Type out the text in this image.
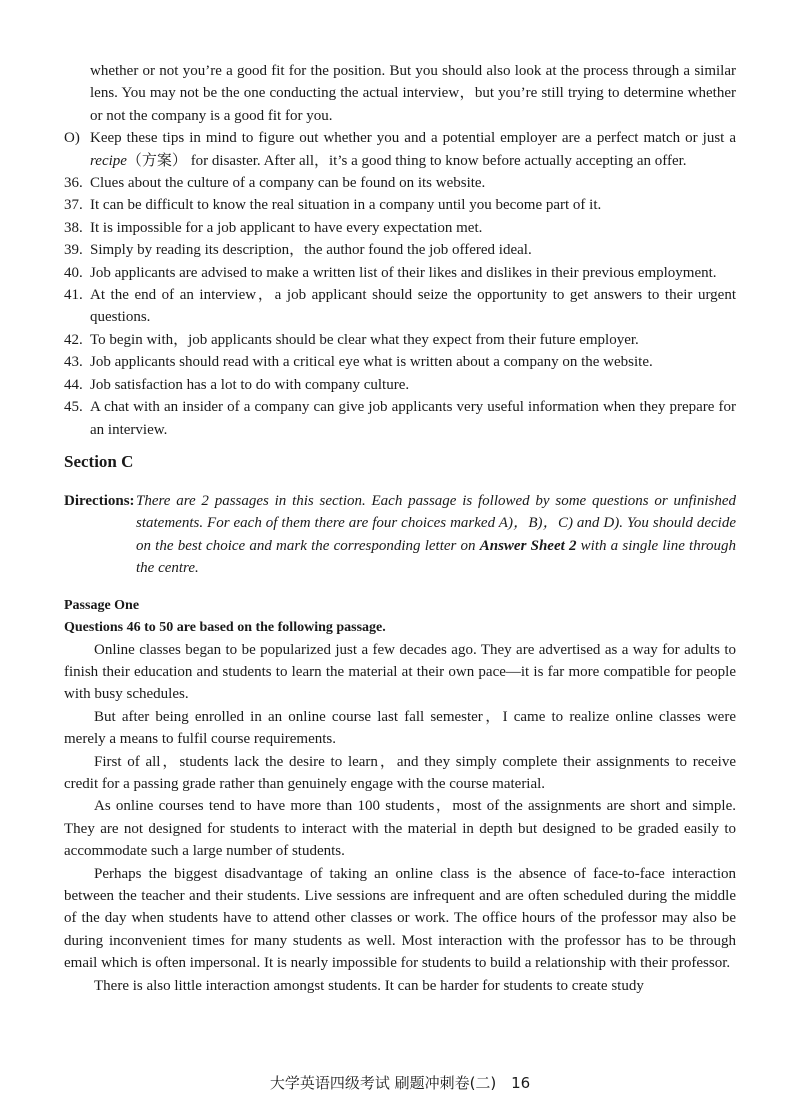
whether or not you’re a good fit for the position. But you should also look at the process through a similar lens. You may not be the one conducting the actual interview，but you’re still trying to determine whether or not the company is a good fit for you.

O) Keep these tips in mind to figure out whether you and a potential employer are a perfect match or just a recipe（方案） for disaster. After all，it’s a good thing to know before actually accepting an offer.

36. Clues about the culture of a company can be found on its website.

37. It can be difficult to know the real situation in a company until you become part of it.

38. It is impossible for a job applicant to have every expectation met.

39. Simply by reading its description，the author found the job offered ideal.

40. Job applicants are advised to make a written list of their likes and dislikes in their previous employment.

41. At the end of an interview，a job applicant should seize the opportunity to get answers to their urgent questions.

42. To begin with，job applicants should be clear what they expect from their future employer.

43. Job applicants should read with a critical eye what is written about a company on the website.

44. Job satisfaction has a lot to do with company culture.

45. A chat with an insider of a company can give job applicants very useful information when they prepare for an interview.

Section C

Directions:There are 2 passages in this section. Each passage is followed by some questions or unfinished statements. For each of them there are four choices marked A)，B)，C) and D). You should decide on the best choice and mark the corresponding letter on Answer Sheet 2 with a single line through the centre.

Passage One
Questions 46 to 50 are based on the following passage.

Online classes began to be popularized just a few decades ago. They are advertised as a way for adults to finish their education and students to learn the material at their own pace—it is far more compatible for people with busy schedules.

But after being enrolled in an online course last fall semester，I came to realize online classes were merely a means to fulfil course requirements.

First of all，students lack the desire to learn，and they simply complete their assignments to receive credit for a passing grade rather than genuinely engage with the course material.

As online courses tend to have more than 100 students，most of the assignments are short and simple. They are not designed for students to interact with the material in depth but designed to be graded easily to accommodate such a large number of students.

Perhaps the biggest disadvantage of taking an online class is the absence of face-to-face interaction between the teacher and their students. Live sessions are infrequent and are often scheduled during the middle of the day when students have to attend other classes or work. The office hours of the professor may also be during inconvenient times for many students as well. Most interaction with the professor has to be through email which is often impersonal. It is nearly impossible for students to build a relationship with their professor.

There is also little interaction amongst students. It can be harder for students to create study

大学英语四级考试 刷题冲刺卷(二) 16
